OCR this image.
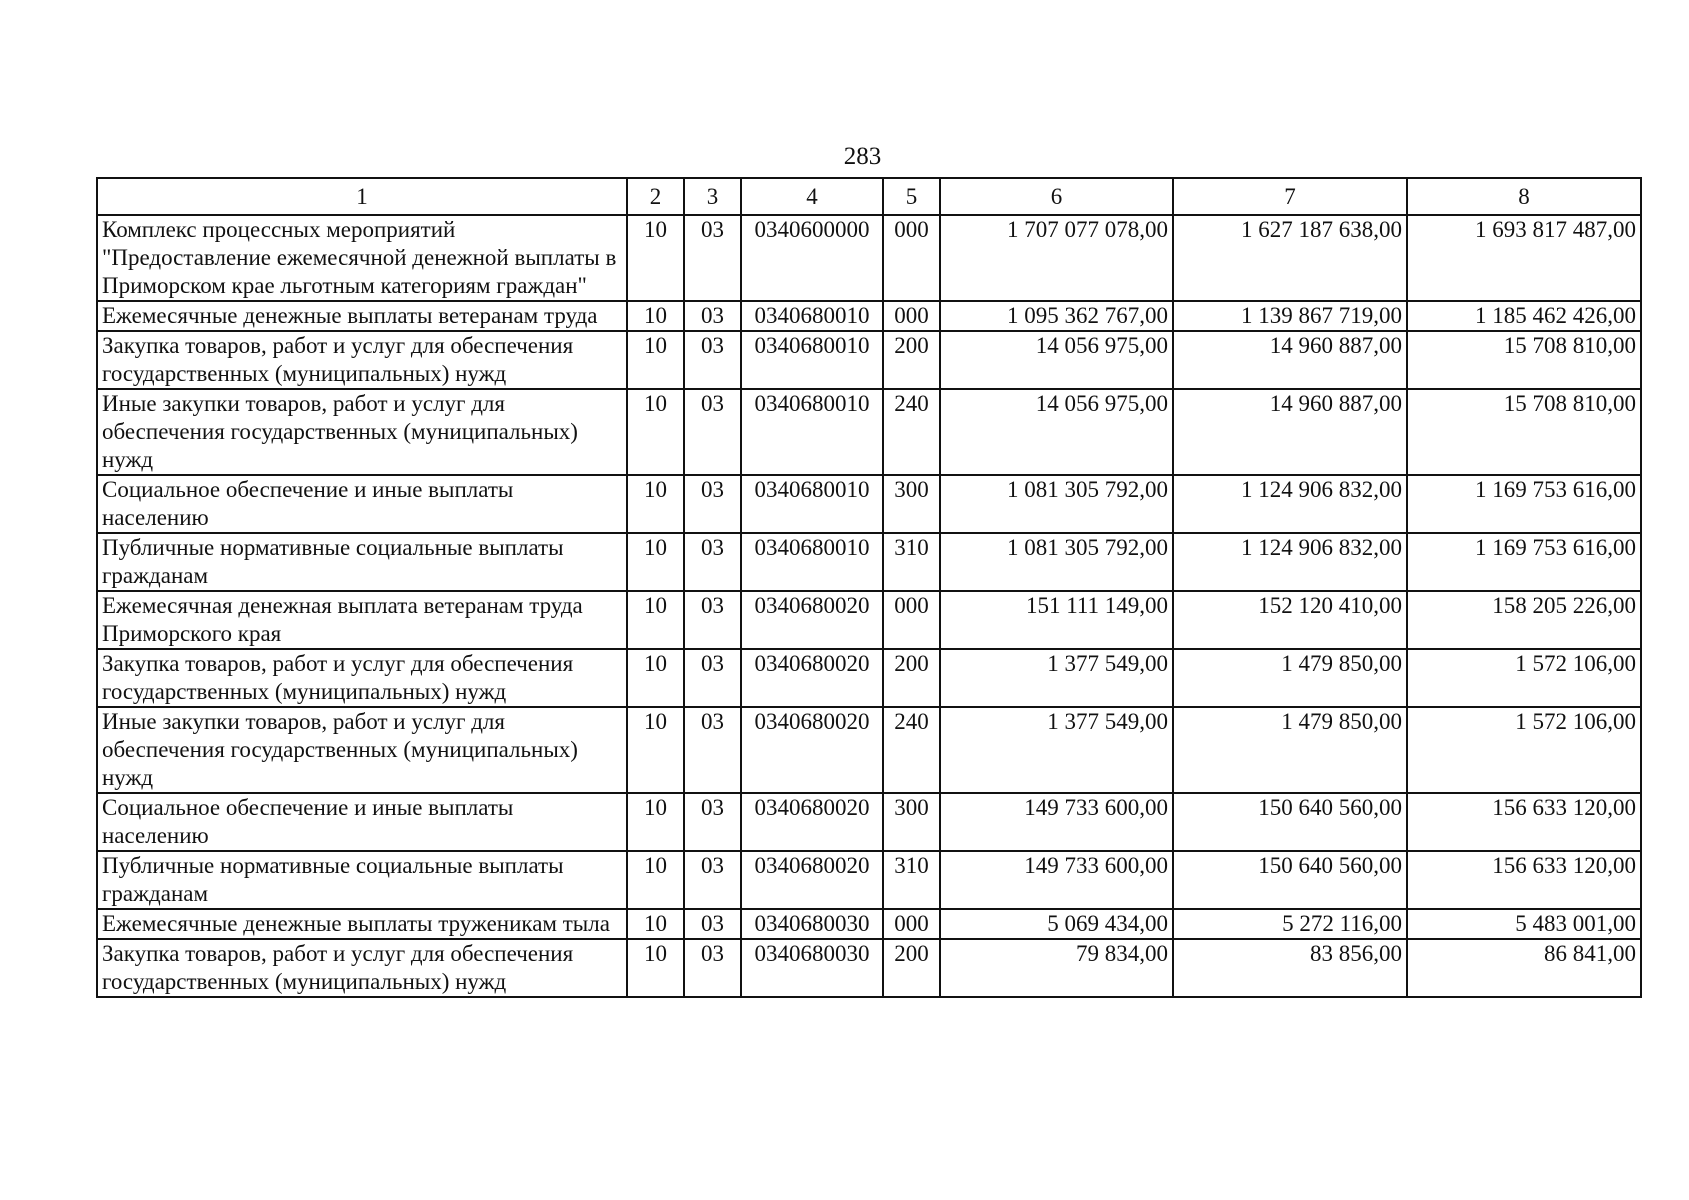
283
1	2	3	4	5	6	7	8
Комплекс процессных мероприятий "Предоставление ежемесячной денежной выплаты в Приморском крае льготным категориям граждан"	10	03	0340600000	000	1 707 077 078,00	1 627 187 638,00	1 693 817 487,00
Ежемесячные денежные выплаты ветеранам труда	10	03	0340680010	000	1 095 362 767,00	1 139 867 719,00	1 185 462 426,00
Закупка товаров, работ и услуг для обеспечения государственных (муниципальных) нужд	10	03	0340680010	200	14 056 975,00	14 960 887,00	15 708 810,00
Иные закупки товаров, работ и услуг для обеспечения государственных (муниципальных) нужд	10	03	0340680010	240	14 056 975,00	14 960 887,00	15 708 810,00
Социальное обеспечение и иные выплаты населению	10	03	0340680010	300	1 081 305 792,00	1 124 906 832,00	1 169 753 616,00
Публичные нормативные социальные выплаты гражданам	10	03	0340680010	310	1 081 305 792,00	1 124 906 832,00	1 169 753 616,00
Ежемесячная денежная выплата ветеранам труда Приморского края	10	03	0340680020	000	151 111 149,00	152 120 410,00	158 205 226,00
Закупка товаров, работ и услуг для обеспечения государственных (муниципальных) нужд	10	03	0340680020	200	1 377 549,00	1 479 850,00	1 572 106,00
Иные закупки товаров, работ и услуг для обеспечения государственных (муниципальных) нужд	10	03	0340680020	240	1 377 549,00	1 479 850,00	1 572 106,00
Социальное обеспечение и иные выплаты населению	10	03	0340680020	300	149 733 600,00	150 640 560,00	156 633 120,00
Публичные нормативные социальные выплаты гражданам	10	03	0340680020	310	149 733 600,00	150 640 560,00	156 633 120,00
Ежемесячные денежные выплаты труженикам тыла	10	03	0340680030	000	5 069 434,00	5 272 116,00	5 483 001,00
Закупка товаров, работ и услуг для обеспечения государственных (муниципальных) нужд	10	03	0340680030	200	79 834,00	83 856,00	86 841,00
